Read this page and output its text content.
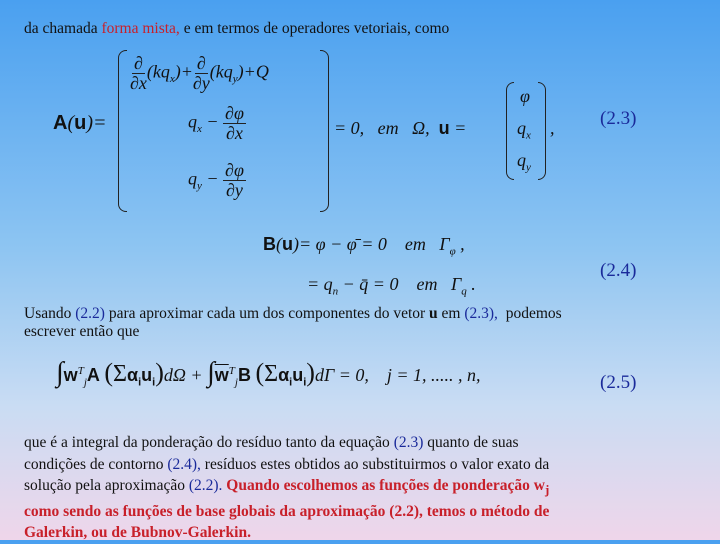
da chamada forma mista, e em termos de operadores vetoriais, como
A(u)=
$\frac{\partial}{\partial x} (kq_x)+ \frac{\partial}{\partial y} (kq_y)+Q$
$q_x - \frac{\partial\varphi}{\partial x}$
$q_y - \frac{\partial\varphi}{\partial y}$
= 0,   em   Ω,  u =
φ
$q_x$
$q_y$
, (2.3)
B(u)= φ − φ̄ = 0    em   $\Gamma_\varphi$ ,
= $q_n$ − q̄ = 0    em   $\Gamma_q$ .
(2.4)
Usando (2.2) para aproximar cada um dos componentes do vetor u em (2.3),  podemos
escrever então que
$\int w^T_jA$ $(\Sigma\alpha_iu_i)d\Omega + \int\overline{w}^T_jB$ $(\Sigma\alpha_iu_i)d\Gamma = 0$,    j = 1, ..... , n,	(2.5)
que é a integral da ponderação do resíduo tanto da equação (2.3) quanto de suas
condições de contorno (2.4), resíduos estes obtidos ao substituirmos o valor exato da
solução pela aproximação (2.2). Quando escolhemos as funções de ponderação $w_j$
como sendo as funções de base globais da aproximação (2.2), temos o método de
Galerkin, ou de Bubnov-Galerkin.
